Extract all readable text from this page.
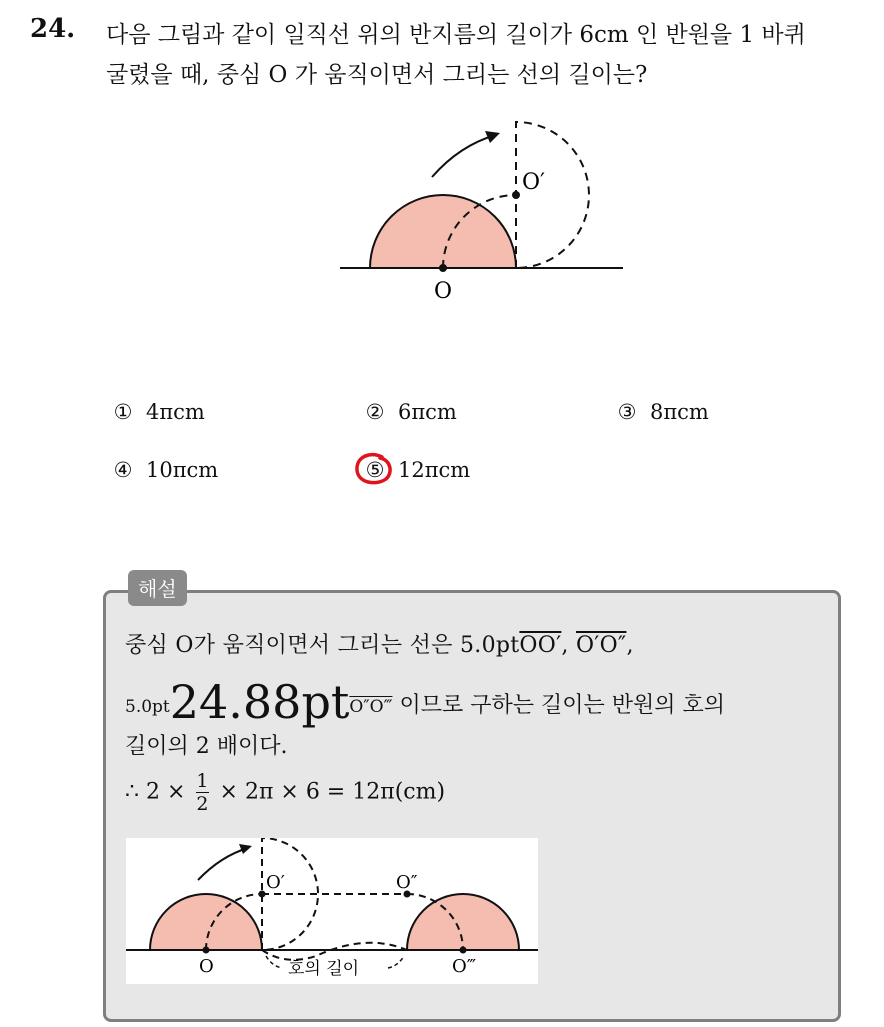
24. 다음 그림과 같이 일직선 위의 반지름의 길이가 6cm 인 반원을 1 바퀴
굴렸을 때, 중심 O 가 움직이면서 그리는 선의 길이는?
O
O′
① 4πcm	② 6πcm	③ 8πcm
④ 10πcm	⑤ 12πcm
해설
중심 O가 움직이면서 그리는 선은 5.0ptOO′, O′O″,
5.0pt24.88ptO″O‴ 이므로 구하는 길이는 반원의 호의
길이의 2 배이다.
∴ $2 \times \frac{1}{2} \times 2\pi \times 6 = 12\pi(cm)$
O
O′	O″
O‴
호의 길이
